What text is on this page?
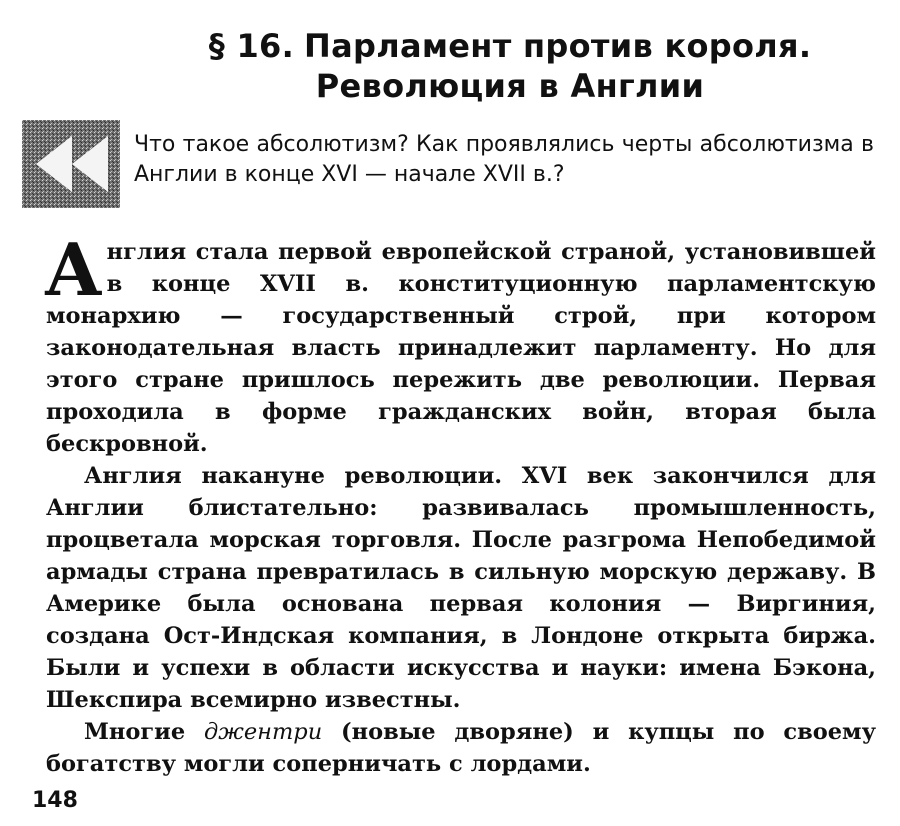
§ 16. Парламент против короля.
Революция в Англии
Что такое абсолютизм? Как проявлялись черты абсолютизма в Англии в конце XVI — начале XVII в.?

Англия стала первой европейской страной, установившей в конце XVII в. конституционную парламентскую монархию — государственный строй, при котором законодательная власть принадлежит парламенту. Но для этого стране пришлось пережить две революции. Первая проходила в форме гражданских войн, вторая была бескровной.

Англия накануне революции. XVI век закончился для Англии блистательно: развивалась промышленность, процветала морская торговля. После разгрома Непобедимой армады страна превратилась в сильную морскую державу. В Америке была основана первая колония — Виргиния, создана Ост-Индская компания, в Лондоне открыта биржа. Были и успехи в области искусства и науки: имена Бэкона, Шекспира всемирно известны.

Многие джентри (новые дворяне) и купцы по своему богатству могли соперничать с лордами.

148
